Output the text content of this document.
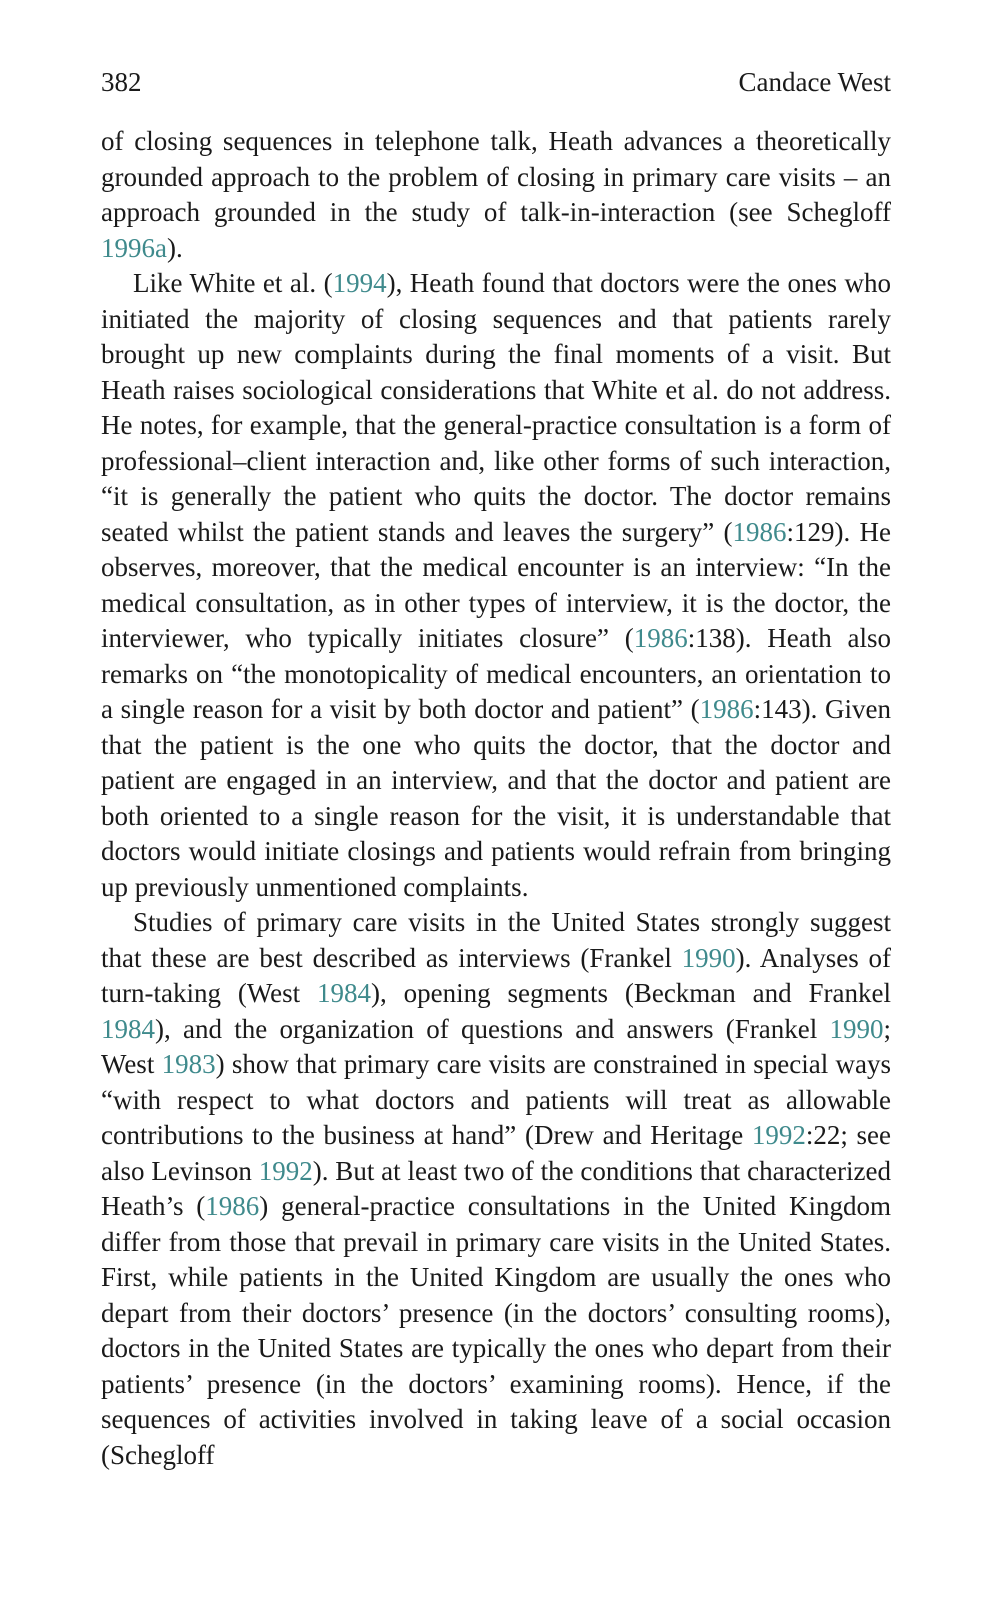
382	Candace West

of closing sequences in telephone talk, Heath advances a theoretically grounded approach to the problem of closing in primary care visits – an approach grounded in the study of talk-in-interaction (see Schegloff 1996a).

Like White et al. (1994), Heath found that doctors were the ones who initiated the majority of closing sequences and that patients rarely brought up new complaints during the final moments of a visit. But Heath raises sociological considerations that White et al. do not address. He notes, for example, that the general-practice consultation is a form of professional–client interaction and, like other forms of such interaction, “it is generally the patient who quits the doctor. The doctor remains seated whilst the patient stands and leaves the surgery” (1986:129). He observes, moreover, that the medical encounter is an interview: “In the medical consultation, as in other types of interview, it is the doctor, the interviewer, who typically initiates closure” (1986:138). Heath also remarks on “the monotopicality of medical encounters, an orientation to a single reason for a visit by both doctor and patient” (1986:143). Given that the patient is the one who quits the doctor, that the doctor and patient are engaged in an interview, and that the doctor and patient are both oriented to a single reason for the visit, it is understandable that doctors would initiate closings and patients would refrain from bringing up previously unmentioned complaints.

Studies of primary care visits in the United States strongly suggest that these are best described as interviews (Frankel 1990). Analyses of turn-taking (West 1984), opening segments (Beckman and Frankel 1984), and the organization of questions and answers (Frankel 1990; West 1983) show that primary care visits are constrained in special ways “with respect to what doctors and patients will treat as allowable contributions to the business at hand” (Drew and Heritage 1992:22; see also Levinson 1992). But at least two of the conditions that characterized Heath’s (1986) general-practice consultations in the United Kingdom differ from those that prevail in primary care visits in the United States. First, while patients in the United Kingdom are usually the ones who depart from their doctors’ presence (in the doctors’ consulting rooms), doctors in the United States are typically the ones who depart from their patients’ presence (in the doctors’ examining rooms). Hence, if the sequences of activities involved in taking leave of a social occasion (Schegloff
